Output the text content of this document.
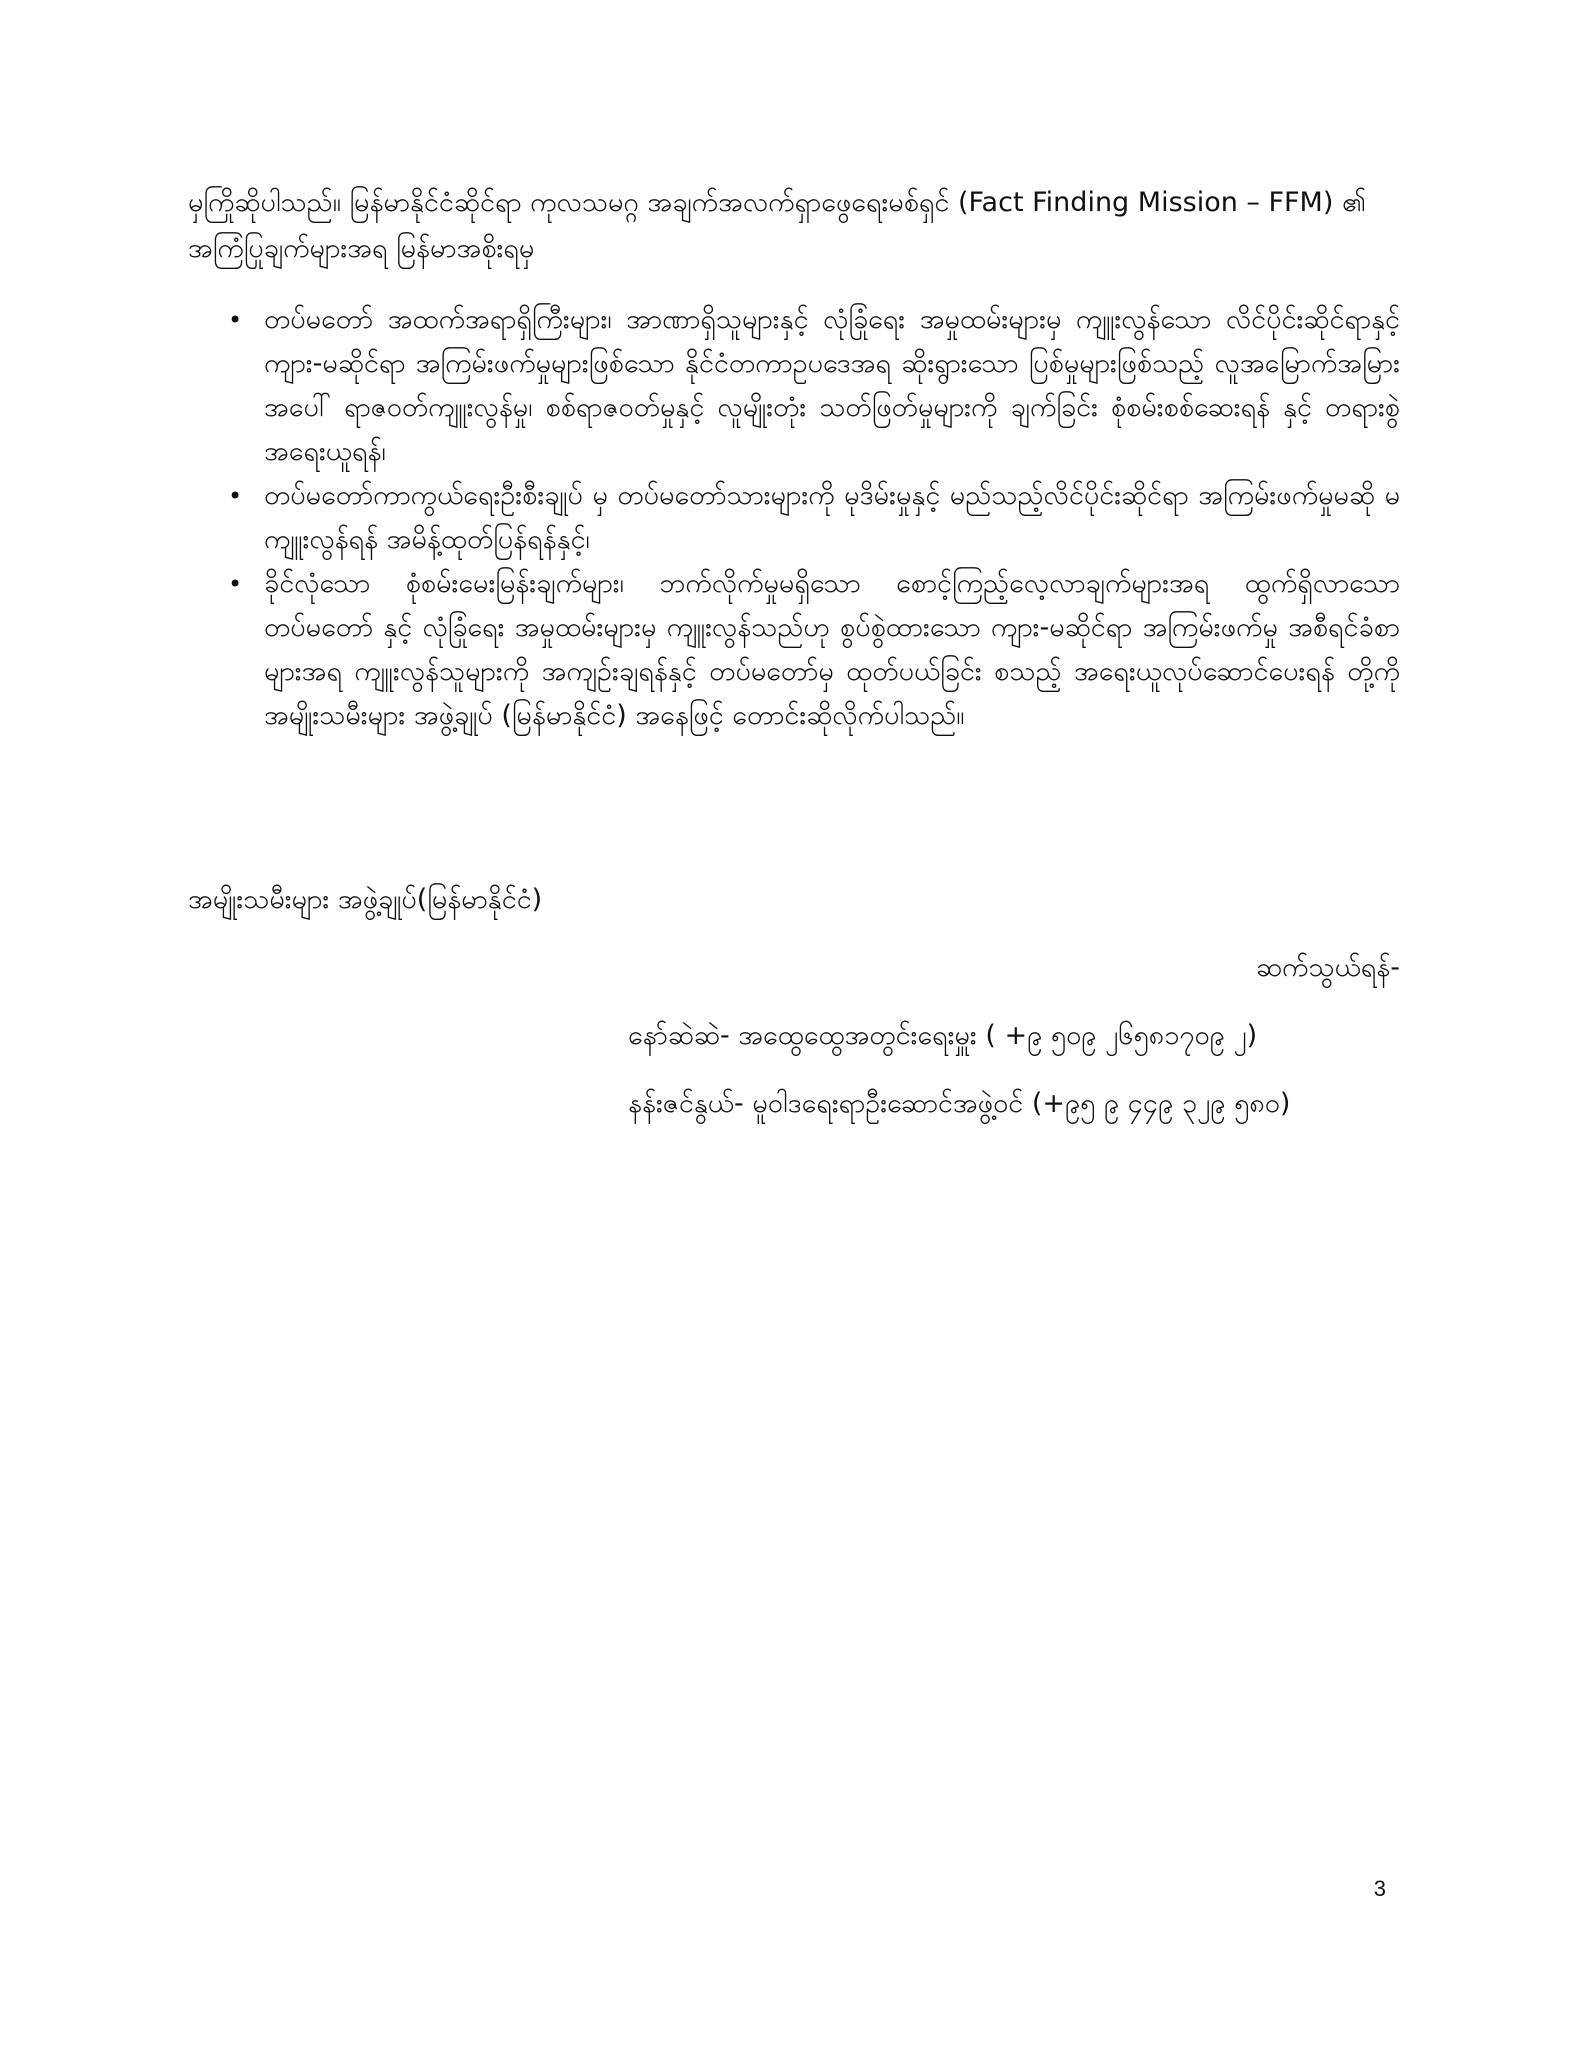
မှကြိုဆိုပါသည်။ မြန်မာနိုင်ငံဆိုင်ရာ ကုလသမဂ္ဂ အချက်အလက်ရှာဖွေရေးမစ်ရှင် (Fact Finding Mission – FFM) ၏ အကြံပြုချက်များအရ မြန်မာအစိုးရမှ

• တပ်မတော် အထက်အရာရှိကြီးများ၊ အာဏာရှိသူများနှင့် လုံခြုံရေး အမှုထမ်းများမှ ကျူးလွန်သော လိင်ပိုင်းဆိုင်ရာနှင့် ကျား-မဆိုင်ရာ အကြမ်းဖက်မှုများဖြစ်သော နိုင်ငံတကာဥပဒေအရ ဆိုးရွားသော ပြစ်မှုများဖြစ်သည့် လူအမြောက်အမြားအပေါ် ရာဇဝတ်ကျူးလွန်မှု၊ စစ်ရာဇဝတ်မှုနှင့် လူမျိုးတုံး သတ်ဖြတ်မှုများကို ချက်ခြင်း စုံစမ်းစစ်ဆေးရန် နှင့် တရားစွဲအရေးယူရန်၊
• တပ်မတော်ကာကွယ်ရေးဦးစီးချုပ် မှ တပ်မတော်သားများကို မုဒိမ်းမှုနှင့် မည်သည့်လိင်ပိုင်းဆိုင်ရာ အကြမ်းဖက်မှုမဆို မကျူးလွန်ရန် အမိန့်ထုတ်ပြန်ရန်နှင့်၊
• ခိုင်လုံသော စုံစမ်းမေးမြန်းချက်များ၊ ဘက်လိုက်မှုမရှိသော စောင့်ကြည့်လေ့လာချက်များအရ ထွက်ရှိလာသော တပ်မတော် နှင့် လုံခြုံရေး အမှုထမ်းများမှ ကျူးလွန်သည်ဟု စွပ်စွဲထားသော ကျား-မဆိုင်ရာ အကြမ်းဖက်မှု အစီရင်ခံစာများအရ ကျူးလွန်သူများကို အကျဉ်းချရန်နှင့် တပ်မတော်မှ ထုတ်ပယ်ခြင်း စသည့် အရေးယူလုပ်ဆောင်ပေးရန် တို့ကို အမျိုးသမီးများ အဖွဲ့ချုပ် (မြန်မာနိုင်ငံ) အနေဖြင့် တောင်းဆိုလိုက်ပါသည်။

အမျိုးသမီးများ အဖွဲ့ချုပ်(မြန်မာနိုင်ငံ)

ဆက်သွယ်ရန်-

နော်ဆဲဆဲ- အထွေထွေအတွင်းရေးမှူး ( +၉ ၅၀၉ ၂၆၅၈၁၇၀၉ ၂)

နန်းဇင်နွယ်- မူဝါဒရေးရာဦးဆောင်အဖွဲ့ဝင် (+၉၅ ၉ ၄၄၉ ၃၂၉ ၅၈၀)

3
